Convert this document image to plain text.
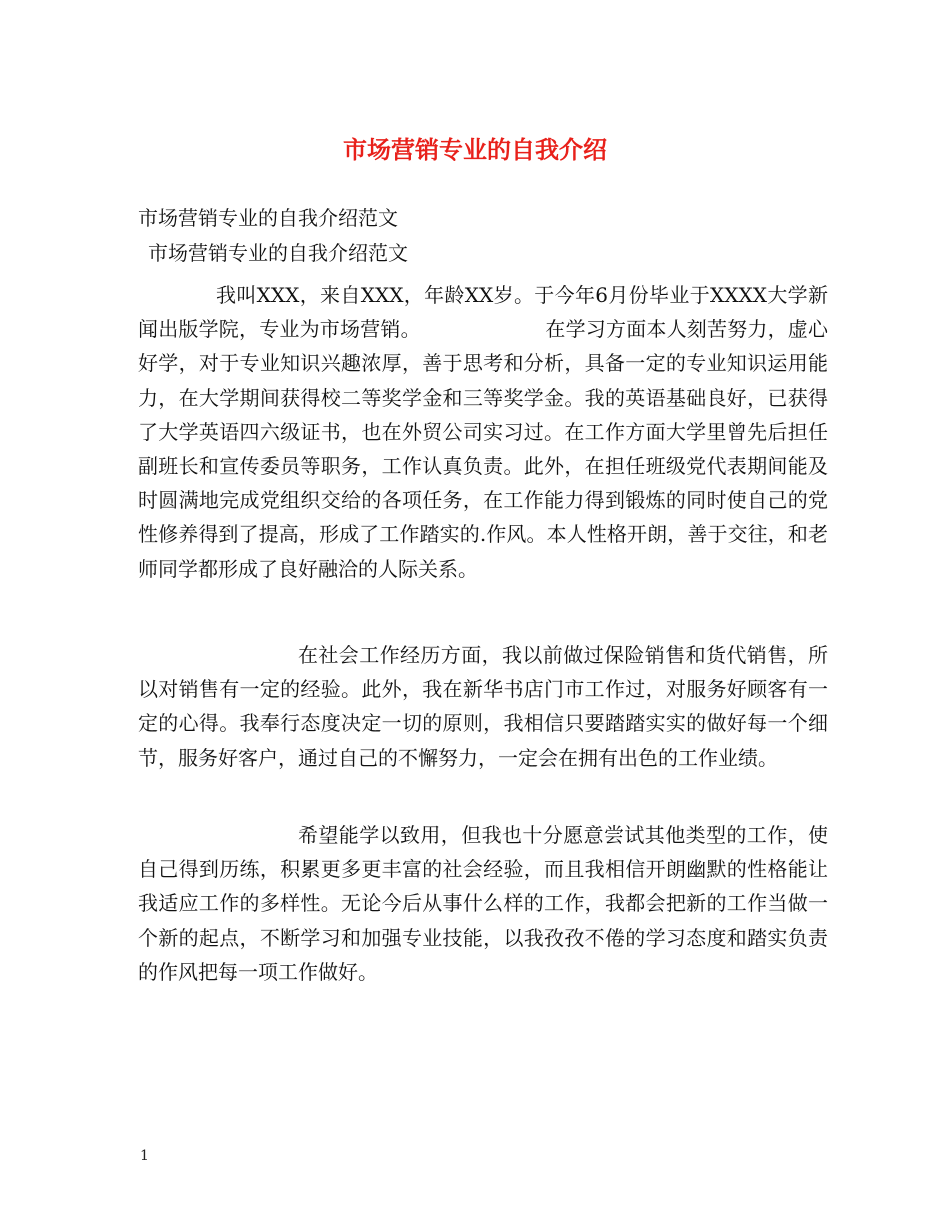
市场营销专业的自我介绍
市场营销专业的自我介绍范文
市场营销专业的自我介绍范文

我叫XXX，来自XXX，年龄XX岁。于今年6月份毕业于XXXX大学新闻出版学院，专业为市场营销。                   在学习方面本人刻苦努力，虚心好学，对于专业知识兴趣浓厚，善于思考和分析，具备一定的专业知识运用能力，在大学期间获得校二等奖学金和三等奖学金。我的英语基础良好，已获得了大学英语四六级证书，也在外贸公司实习过。在工作方面大学里曾先后担任副班长和宣传委员等职务，工作认真负责。此外，在担任班级党代表期间能及时圆满地完成党组织交给的各项任务，在工作能力得到锻炼的同时使自己的党性修养得到了提高，形成了工作踏实的.作风。本人性格开朗，善于交往，和老师同学都形成了良好融洽的人际关系。

在社会工作经历方面，我以前做过保险销售和货代销售，所以对销售有一定的经验。此外，我在新华书店门市工作过，对服务好顾客有一定的心得。我奉行态度决定一切的原则，我相信只要踏踏实实的做好每一个细节，服务好客户，通过自己的不懈努力，一定会在拥有出色的工作业绩。

希望能学以致用，但我也十分愿意尝试其他类型的工作，使自己得到历练，积累更多更丰富的社会经验，而且我相信开朗幽默的性格能让我适应工作的多样性。无论今后从事什么样的工作，我都会把新的工作当做一个新的起点，不断学习和加强专业技能，以我孜孜不倦的学习态度和踏实负责的作风把每一项工作做好。

1
